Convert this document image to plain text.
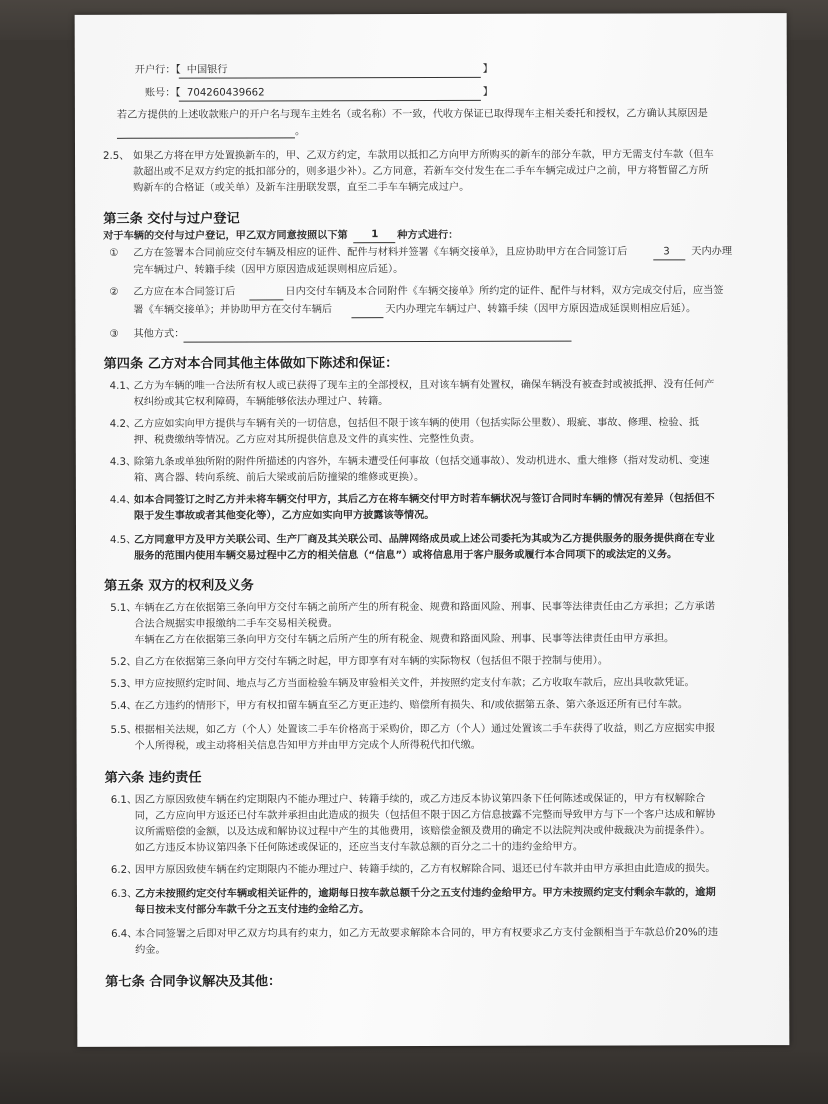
开户行：【 中国银行	】
账号：【 704260439662	】
若乙方提供的上述收款账户的开户名与现车主姓名（或名称）不一致，代收方保证已取得现车主相关委托和授权，乙方确认其原因是
。
2.5、 如果乙方将在甲方处置换新车的，甲、乙双方约定，车款用以抵扣乙方向甲方所购买的新车的部分车款，甲方无需支付车款（但车
款超出或不足双方约定的抵扣部分的，则多退少补）。乙方同意，若新车交付发生在二手车车辆完成过户之前，甲方将暂留乙方所
购新车的合格证（或关单）及新车注册联发票，直至二手车车辆完成过户。
第三条 交付与过户登记
对于车辆的交付与过户登记，甲乙双方同意按照以下第 1 种方式进行：
① 乙方在签署本合同前应交付车辆及相应的证件、配件与材料并签署《车辆交接单》，且应协助甲方在合同签订后	3 天内办理
完车辆过户、转籍手续（因甲方原因造成延误则相应后延）。
② 乙方应在本合同签订后	日内交付车辆及本合同附件《车辆交接单》所约定的证件、配件与材料，双方完成交付后，应当签
署《车辆交接单》；并协助甲方在交付车辆后	天内办理完车辆过户、转籍手续（因甲方原因造成延误则相应后延）。
③ 其他方式：
第四条 乙方对本合同其他主体做如下陈述和保证：
4.1、
乙方为车辆的唯一合法所有权人或已获得了现车主的全部授权，且对该车辆有处置权，确保车辆没有被查封或被抵押、没有任何产
权纠纷或其它权利障碍，车辆能够依法办理过户、转籍。
4.2、
乙方应如实向甲方提供与车辆有关的一切信息，包括但不限于该车辆的使用（包括实际公里数）、瑕疵、事故、修理、检验、抵
押、税费缴纳等情况。乙方应对其所提供信息及文件的真实性、完整性负责。
4.3、
除第九条或单独所附的附件所描述的内容外，车辆未遭受任何事故（包括交通事故）、发动机进水、重大维修（指对发动机、变速
箱、离合器、转向系统、前后大梁或前后防撞梁的维修或更换）。
4.4、
如本合同签订之时乙方并未将车辆交付甲方，其后乙方在将车辆交付甲方时若车辆状况与签订合同时车辆的情况有差异（包括但不
限于发生事故或者其他变化等），乙方应如实向甲方披露该等情况。
4.5、
乙方同意甲方及甲方关联公司、生产厂商及其关联公司、品牌网络成员或上述公司委托为其或为乙方提供服务的服务提供商在专业
服务的范围内使用车辆交易过程中乙方的相关信息（“信息”）或将信息用于客户服务或履行本合同项下的或法定的义务。
第五条 双方的权利及义务
5.1、
车辆在乙方在依据第三条向甲方交付车辆之前所产生的所有税金、规费和路面风险、刑事、民事等法律责任由乙方承担；乙方承诺
合法合规据实申报缴纳二手车交易相关税费。
车辆在乙方在依据第三条向甲方交付车辆之后所产生的所有税金、规费和路面风险、刑事、民事等法律责任由甲方承担。
5.2、
自乙方在依据第三条向甲方交付车辆之时起，甲方即享有对车辆的实际物权（包括但不限于控制与使用）。
5.3、
甲方应按照约定时间、地点与乙方当面检验车辆及审验相关文件，并按照约定支付车款；乙方收取车款后，应出具收款凭证。
5.4、
在乙方违约的情形下，甲方有权扣留车辆直至乙方更正违约、赔偿所有损失、和/或依据第五条、第六条返还所有已付车款。
5.5、
根据相关法规，如乙方（个人）处置该二手车价格高于采购价，即乙方（个人）通过处置该二手车获得了收益，则乙方应据实申报
个人所得税，或主动将相关信息告知甲方并由甲方完成个人所得税代扣代缴。
第六条 违约责任
6.1、
因乙方原因致使车辆在约定期限内不能办理过户、转籍手续的，或乙方违反本协议第四条下任何陈述或保证的，甲方有权解除合
同，乙方应向甲方返还已付车款并承担由此造成的损失（包括但不限于因乙方信息披露不完整而导致甲方与下一个客户达成和解协
议所需赔偿的金额，以及达成和解协议过程中产生的其他费用，该赔偿金额及费用的确定不以法院判决或仲裁裁决为前提条件）。
如乙方违反本协议第四条下任何陈述或保证的，还应当支付车款总额的百分之二十的违约金给甲方。
6.2、
因甲方原因致使车辆在约定期限内不能办理过户、转籍手续的，乙方有权解除合同、退还已付车款并由甲方承担由此造成的损失。
6.3、
乙方未按照约定交付车辆或相关证件的，逾期每日按车款总额千分之五支付违约金给甲方。甲方未按照约定支付剩余车款的，逾期
每日按未支付部分车款千分之五支付违约金给乙方。
6.4、
本合同签署之后即对甲乙双方均具有约束力，如乙方无故要求解除本合同的，甲方有权要求乙方支付金额相当于车款总价20%的违
约金。
第七条 合同争议解决及其他：
